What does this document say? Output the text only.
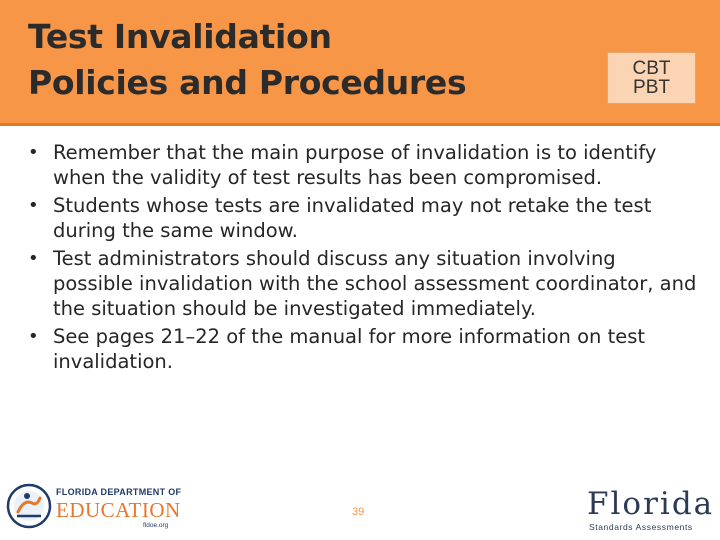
Test Invalidation
Policies and Procedures	CBT
PBT
• Remember that the main purpose of invalidation is to identify when the validity of test results has been compromised.
• Students whose tests are invalidated may not retake the test during the same window.
• Test administrators should discuss any situation involving possible invalidation with the school assessment coordinator, and the situation should be investigated immediately.
• See pages 21–22 of the manual for more information on test invalidation.
FLORIDA DEPARTMENT OF
EDUCATION
fldoe.org
39	Florida
Standards Assessments
